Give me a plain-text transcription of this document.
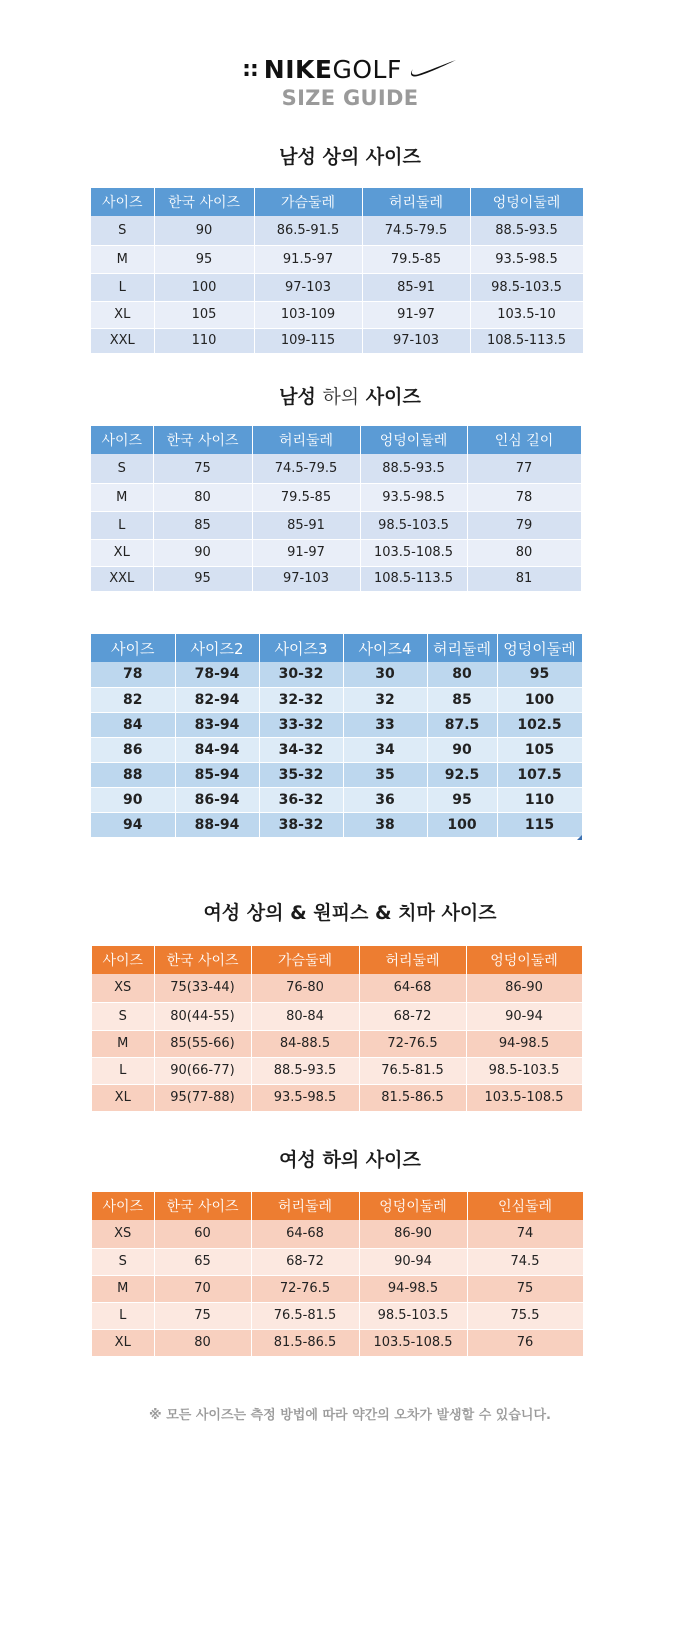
:: NIKE GOLF
SIZE GUIDE
남성 상의 사이즈
사이즈	한국 사이즈	가슴둘레	허리둘레	엉덩이둘레
S	90	86.5-91.5	74.5-79.5	88.5-93.5
M	95	91.5-97	79.5-85	93.5-98.5
L	100	97-103	85-91	98.5-103.5
XL	105	103-109	91-97	103.5-10
XXL	110	109-115	97-103	108.5-113.5
남성 하의 사이즈
사이즈	한국 사이즈	허리둘레	엉덩이둘레	인심 길이
S	75	74.5-79.5	88.5-93.5	77
M	80	79.5-85	93.5-98.5	78
L	85	85-91	98.5-103.5	79
XL	90	91-97	103.5-108.5	80
XXL	95	97-103	108.5-113.5	81
사이즈	사이즈2	사이즈3	사이즈4	허리둘레	엉덩이둘레
78	78-94	30-32	30	80	95
82	82-94	32-32	32	85	100
84	83-94	33-32	33	87.5	102.5
86	84-94	34-32	34	90	105
88	85-94	35-32	35	92.5	107.5
90	86-94	36-32	36	95	110
94	88-94	38-32	38	100	115
여성 상의 & 원피스 & 치마 사이즈
사이즈	한국 사이즈	가슴둘레	허리둘레	엉덩이둘레
XS	75(33-44)	76-80	64-68	86-90
S	80(44-55)	80-84	68-72	90-94
M	85(55-66)	84-88.5	72-76.5	94-98.5
L	90(66-77)	88.5-93.5	76.5-81.5	98.5-103.5
XL	95(77-88)	93.5-98.5	81.5-86.5	103.5-108.5
여성 하의 사이즈
사이즈	한국 사이즈	허리둘레	엉덩이둘레	인심둘레
XS	60	64-68	86-90	74
S	65	68-72	90-94	74.5
M	70	72-76.5	94-98.5	75
L	75	76.5-81.5	98.5-103.5	75.5
XL	80	81.5-86.5	103.5-108.5	76
※ 모든 사이즈는 측정 방법에 따라 약간의 오차가 발생할 수 있습니다.
